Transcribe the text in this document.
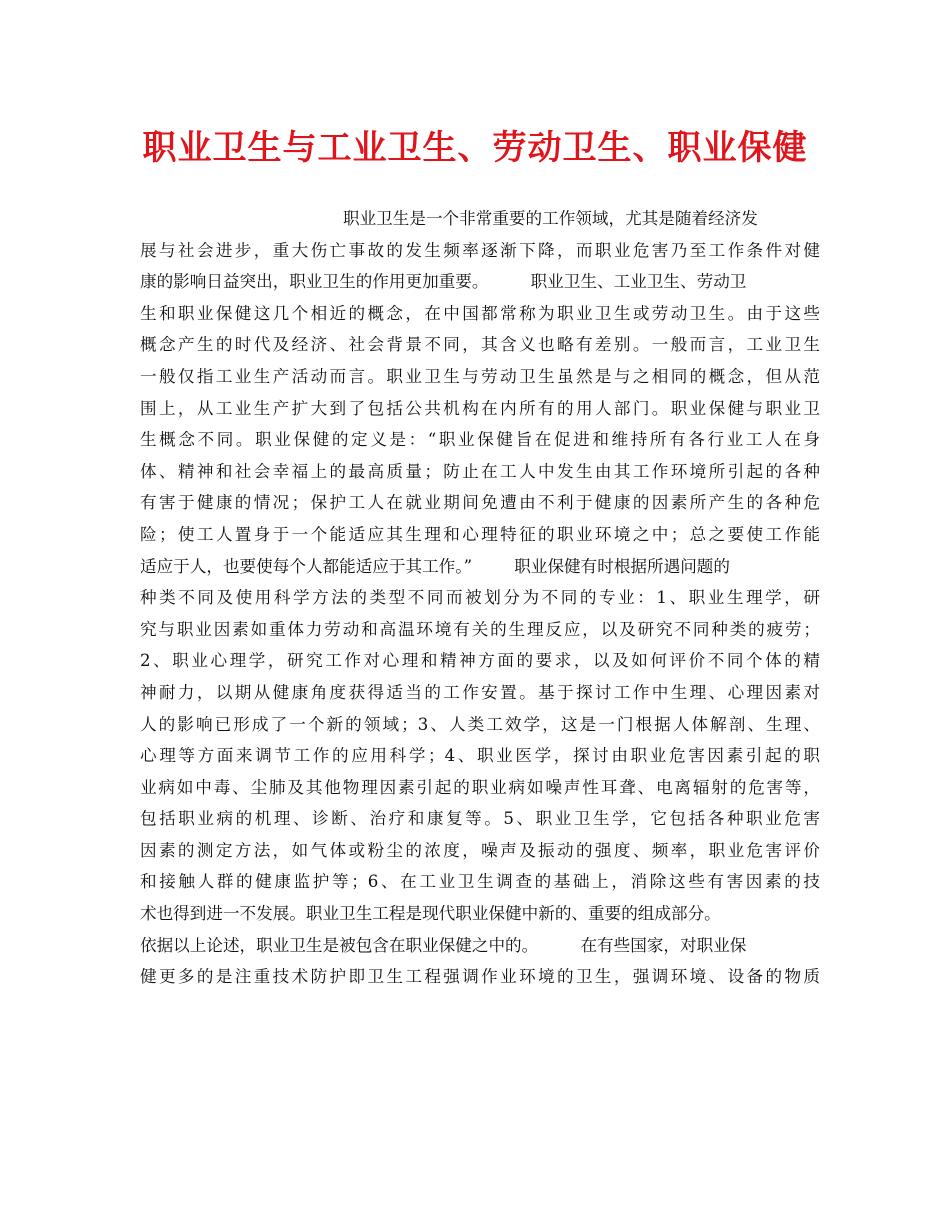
职业卫生与工业卫生、劳动卫生、职业保健
职业卫生是一个非常重要的工作领域，尤其是随着经济发
展与社会进步，重大伤亡事故的发生频率逐渐下降，而职业危害乃至工作条件对健
康的影响日益突出，职业卫生的作用更加重要。        职业卫生、工业卫生、劳动卫
生和职业保健这几个相近的概念，在中国都常称为职业卫生或劳动卫生。由于这些
概念产生的时代及经济、社会背景不同，其含义也略有差别。一般而言，工业卫生
一般仅指工业生产活动而言。职业卫生与劳动卫生虽然是与之相同的概念，但从范
围上，从工业生产扩大到了包括公共机构在内所有的用人部门。职业保健与职业卫
生概念不同。职业保健的定义是：“职业保健旨在促进和维持所有各行业工人在身
体、精神和社会幸福上的最高质量；防止在工人中发生由其工作环境所引起的各种
有害于健康的情况；保护工人在就业期间免遭由不利于健康的因素所产生的各种危
险；使工人置身于一个能适应其生理和心理特征的职业环境之中；总之要使工作能
适应于人，也要使每个人都能适应于其工作。”        职业保健有时根据所遇问题的
种类不同及使用科学方法的类型不同而被划分为不同的专业：1、职业生理学，研
究与职业因素如重体力劳动和高温环境有关的生理反应，以及研究不同种类的疲劳；
2、职业心理学，研究工作对心理和精神方面的要求，以及如何评价不同个体的精
神耐力，以期从健康角度获得适当的工作安置。基于探讨工作中生理、心理因素对
人的影响已形成了一个新的领域；3、人类工效学，这是一门根据人体解剖、生理、
心理等方面来调节工作的应用科学；4、职业医学，探讨由职业危害因素引起的职
业病如中毒、尘肺及其他物理因素引起的职业病如噪声性耳聋、电离辐射的危害等，
包括职业病的机理、诊断、治疗和康复等。5、职业卫生学，它包括各种职业危害
因素的测定方法，如气体或粉尘的浓度，噪声及振动的强度、频率，职业危害评价
和接触人群的健康监护等；6、在工业卫生调查的基础上，消除这些有害因素的技
术也得到进一不发展。职业卫生工程是现代职业保健中新的、重要的组成部分。
依据以上论述，职业卫生是被包含在职业保健之中的。        在有些国家，对职业保
健更多的是注重技术防护即卫生工程强调作业环境的卫生，强调环境、设备的物质
